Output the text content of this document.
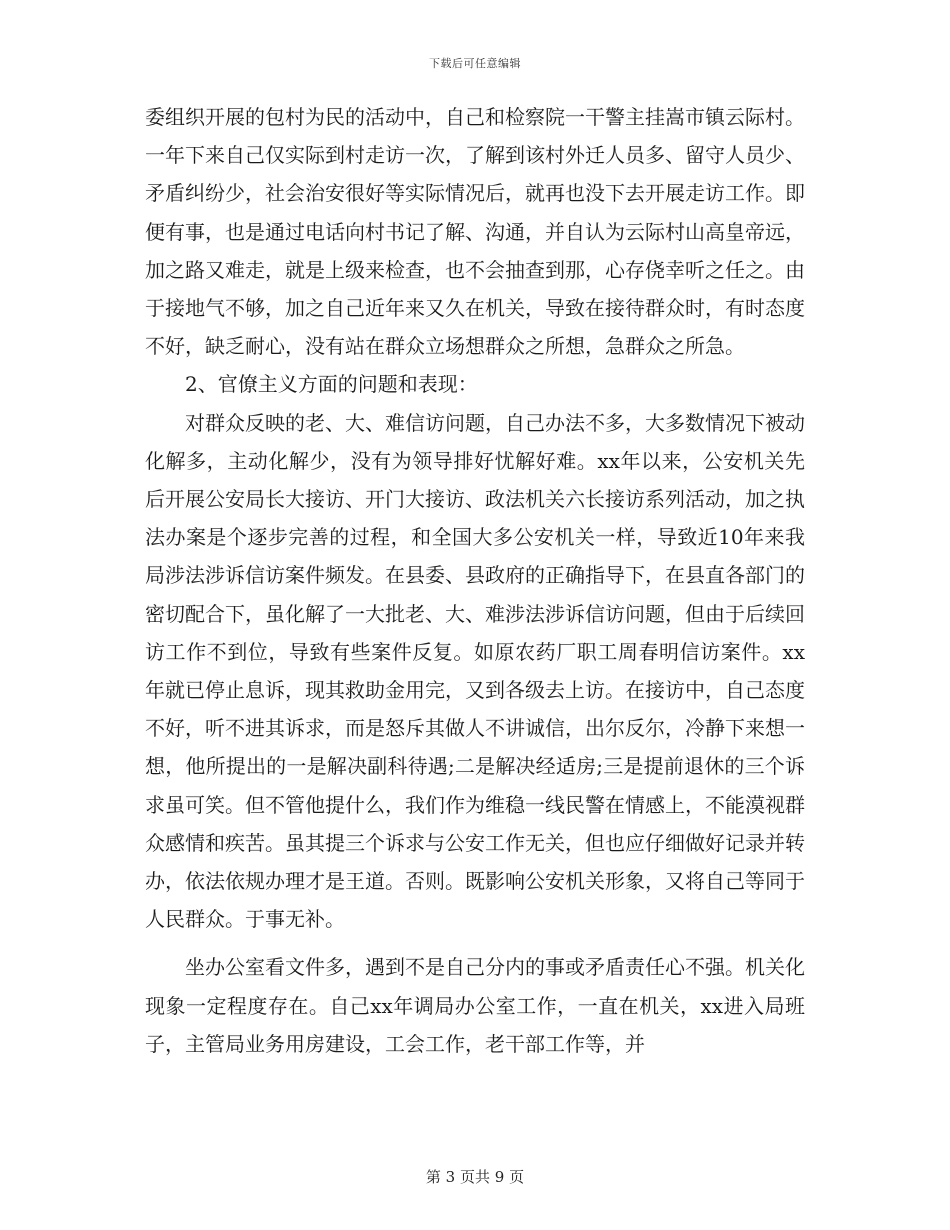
下载后可任意编辑

委组织开展的包村为民的活动中，自己和检察院一干警主挂嵩市镇云际村。一年下来自己仅实际到村走访一次，了解到该村外迁人员多、留守人员少、矛盾纠纷少，社会治安很好等实际情况后，就再也没下去开展走访工作。即便有事，也是通过电话向村书记了解、沟通，并自认为云际村山高皇帝远，加之路又难走，就是上级来检查，也不会抽查到那，心存侥幸听之任之。由于接地气不够，加之自己近年来又久在机关，导致在接待群众时，有时态度不好，缺乏耐心，没有站在群众立场想群众之所想，急群众之所急。

2、官僚主义方面的问题和表现：

对群众反映的老、大、难信访问题，自己办法不多，大多数情况下被动化解多，主动化解少，没有为领导排好忧解好难。xx年以来，公安机关先后开展公安局长大接访、开门大接访、政法机关六长接访系列活动，加之执法办案是个逐步完善的过程，和全国大多公安机关一样，导致近10年来我局涉法涉诉信访案件频发。在县委、县政府的正确指导下，在县直各部门的密切配合下，虽化解了一大批老、大、难涉法涉诉信访问题，但由于后续回访工作不到位，导致有些案件反复。如原农药厂职工周春明信访案件。xx年就已停止息诉，现其救助金用完，又到各级去上访。在接访中，自己态度不好，听不进其诉求，而是怒斥其做人不讲诚信，出尔反尔，冷静下来想一想，他所提出的一是解决副科待遇;二是解决经适房;三是提前退休的三个诉求虽可笑。但不管他提什么，我们作为维稳一线民警在情感上，不能漠视群众感情和疾苦。虽其提三个诉求与公安工作无关，但也应仔细做好记录并转办，依法依规办理才是王道。否则。既影响公安机关形象，又将自己等同于人民群众。于事无补。

坐办公室看文件多，遇到不是自己分内的事或矛盾责任心不强。机关化现象一定程度存在。自己xx年调局办公室工作，一直在机关，xx进入局班子，主管局业务用房建设，工会工作，老干部工作等，并

第 3 页共 9 页
